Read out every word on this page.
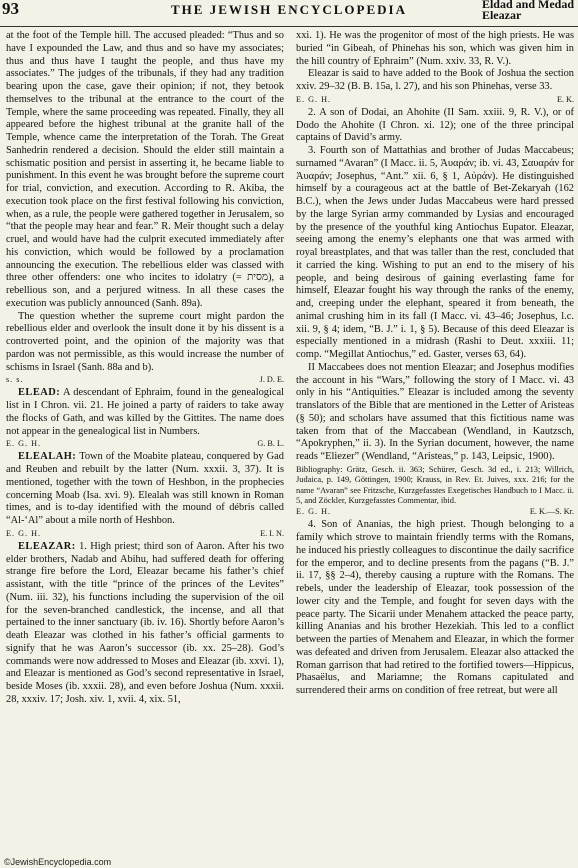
93	THE JEWISH ENCYCLOPEDIA	Eldad and Medad
Eleazar

at the foot of the Temple hill. The accused pleaded: “Thus and so have I expounded the Law, and thus and so have my associates; thus and thus have I taught the people, and thus have my associates.” The judges of the tribunals, if they had any tradition bearing upon the case, gave their opinion; if not, they betook themselves to the tribunal at the entrance to the court of the Temple, where the same proceeding was repeated. Finally, they all appeared before the highest tribunal at the granite hall of the Temple, whence came the interpretation of the Torah. The Great Sanhedrin rendered a decision. Should the elder still maintain a schismatic position and persist in asserting it, he became liable to punishment. In this event he was brought before the supreme court for trial, conviction, and execution. According to R. Akiba, the execution took place on the first festival following his conviction, when, as a rule, the people were gathered together in Jerusalem, so “that the people may hear and fear.” R. Meïr thought such a delay cruel, and would have had the culprit executed immediately after his conviction, which would be followed by a proclamation announcing the execution. The rebellious elder was classed with three other offenders: one who incites to idolatry (= מסית), a rebellious son, and a perjured witness. In all these cases the execution was publicly announced (Sanh. 89a).

The question whether the supreme court might pardon the rebellious elder and overlook the insult done it by his dissent is a controverted point, and the opinion of the majority was that pardon was not permissible, as this would increase the number of schisms in Israel (Sanh. 88a and b).

s. s.	J. D. E.

ELEAD: A descendant of Ephraim, found in the genealogical list in I Chron. vii. 21. He joined a party of raiders to take away the flocks of Gath, and was killed by the Gittites. The name does not appear in the genealogical list in Numbers.

E. G. H.	G. B. L.

ELEALAH: Town of the Moabite plateau, conquered by Gad and Reuben and rebuilt by the latter (Num. xxxii. 3, 37). It is mentioned, together with the town of Heshbon, in the prophecies concerning Moab (Isa. xvi. 9). Elealah was still known in Roman times, and is to-day identified with the mound of débris called “Al-‘Al” about a mile north of Heshbon.

E. G. H.	E. I. N.

ELEAZAR: 1. High priest; third son of Aaron. After his two elder brothers, Nadab and Abihu, had suffered death for offering strange fire before the Lord, Eleazar became his father’s chief assistant, with the title “prince of the princes of the Levites” (Num. iii. 32), his functions including the supervision of the oil for the seven-branched candlestick, the incense, and all that pertained to the inner sanctuary (ib. iv. 16). Shortly before Aaron’s death Eleazar was clothed in his father’s official garments to signify that he was Aaron’s successor (ib. xx. 25–28). God’s commands were now addressed to Moses and Eleazar (ib. xxvi. 1), and Eleazar is mentioned as God’s second representative in Israel, beside Moses (ib. xxxii. 28), and even before Joshua (Num. xxxii. 28, xxxiv. 17; Josh. xiv. 1, xvii. 4, xix. 51,

xxi. 1). He was the progenitor of most of the high priests. He was buried “in Gibeah, of Phinehas his son, which was given him in the hill country of Ephraim” (Num. xxiv. 33, R. V.).

Eleazar is said to have added to the Book of Joshua the section xxiv. 29–32 (B. B. 15a, l. 27), and his son Phinehas, verse 33.

E. G. H.	E. K.

2. A son of Dodai, an Ahohite (II Sam. xxiii. 9, R. V.), or of Dodo the Ahohite (I Chron. xi. 12); one of the three principal captains of David’s army.

3. Fourth son of Mattathias and brother of Judas Maccabeus; surnamed “Avaran” (I Macc. ii. 5, Ἀυαράν; ib. vi. 43, Σαυαράν for Ἀυαράν; Josephus, “Ant.” xii. 6, § 1, Αὐράν). He distinguished himself by a courageous act at the battle of Bet-Zekaryah (162 B.C.), when the Jews under Judas Maccabeus were hard pressed by the large Syrian army commanded by Lysias and encouraged by the presence of the youthful king Antiochus Eupator. Eleazar, seeing among the enemy’s elephants one that was armed with royal breastplates, and that was taller than the rest, concluded that it carried the king. Wishing to put an end to the misery of his people, and being desirous of gaining everlasting fame for himself, Eleazar fought his way through the ranks of the enemy, and, creeping under the elephant, speared it from beneath, the animal crushing him in its fall (I Macc. vi. 43–46; Josephus, l.c. xii. 9, § 4; idem, “B. J.” i. 1, § 5). Because of this deed Eleazar is especially mentioned in a midrash (Rashi to Deut. xxxiii. 11; comp. “Megillat Antiochus,” ed. Gaster, verses 63, 64).

II Maccabees does not mention Eleazar; and Josephus modifies the account in his “Wars,” following the story of I Macc. vi. 43 only in his “Antiquities.” Eleazar is included among the seventy translators of the Bible that are mentioned in the Letter of Aristeas (§ 50); and scholars have assumed that this fictitious name was taken from that of the Maccabean (Wendland, in Kautzsch, “Apokryphen,” ii. 3). In the Syrian document, however, the name reads “Eliezer” (Wendland, “Aristeas,” p. 143, Leipsic, 1900).

Bibliography: Grätz, Gesch. ii. 363; Schürer, Gesch. 3d ed., i. 213; Willrich, Judaica, p. 149, Göttingen, 1900; Krauss, in Rev. Et. Juives, xxx. 216; for the name “Avaran” see Fritzsche, Kurzgefasstes Exegetisches Handbuch to I Macc. ii. 5, and Zöckler, Kurzgefasstes Commentar, ibid.

E. G. H.	E. K.—S. Kr.

4. Son of Ananias, the high priest. Though belonging to a family which strove to maintain friendly terms with the Romans, he induced his priestly colleagues to discontinue the daily sacrifice for the emperor, and to decline presents from the pagans (“B. J.” ii. 17, §§ 2–4), thereby causing a rupture with the Romans. The rebels, under the leadership of Eleazar, took possession of the lower city and the Temple, and fought for seven days with the peace party. The Sicarii under Menahem attacked the peace party, killing Ananias and his brother Hezekiah. This led to a conflict between the parties of Menahem and Eleazar, in which the former was defeated and driven from Jerusalem. Eleazar also attacked the Roman garrison that had retired to the fortified towers—Hippicus, Phasaëlus, and Mariamne; the Romans capitulated and surrendered their arms on condition of free retreat, but were all

©JewishEncyclopedia.com
